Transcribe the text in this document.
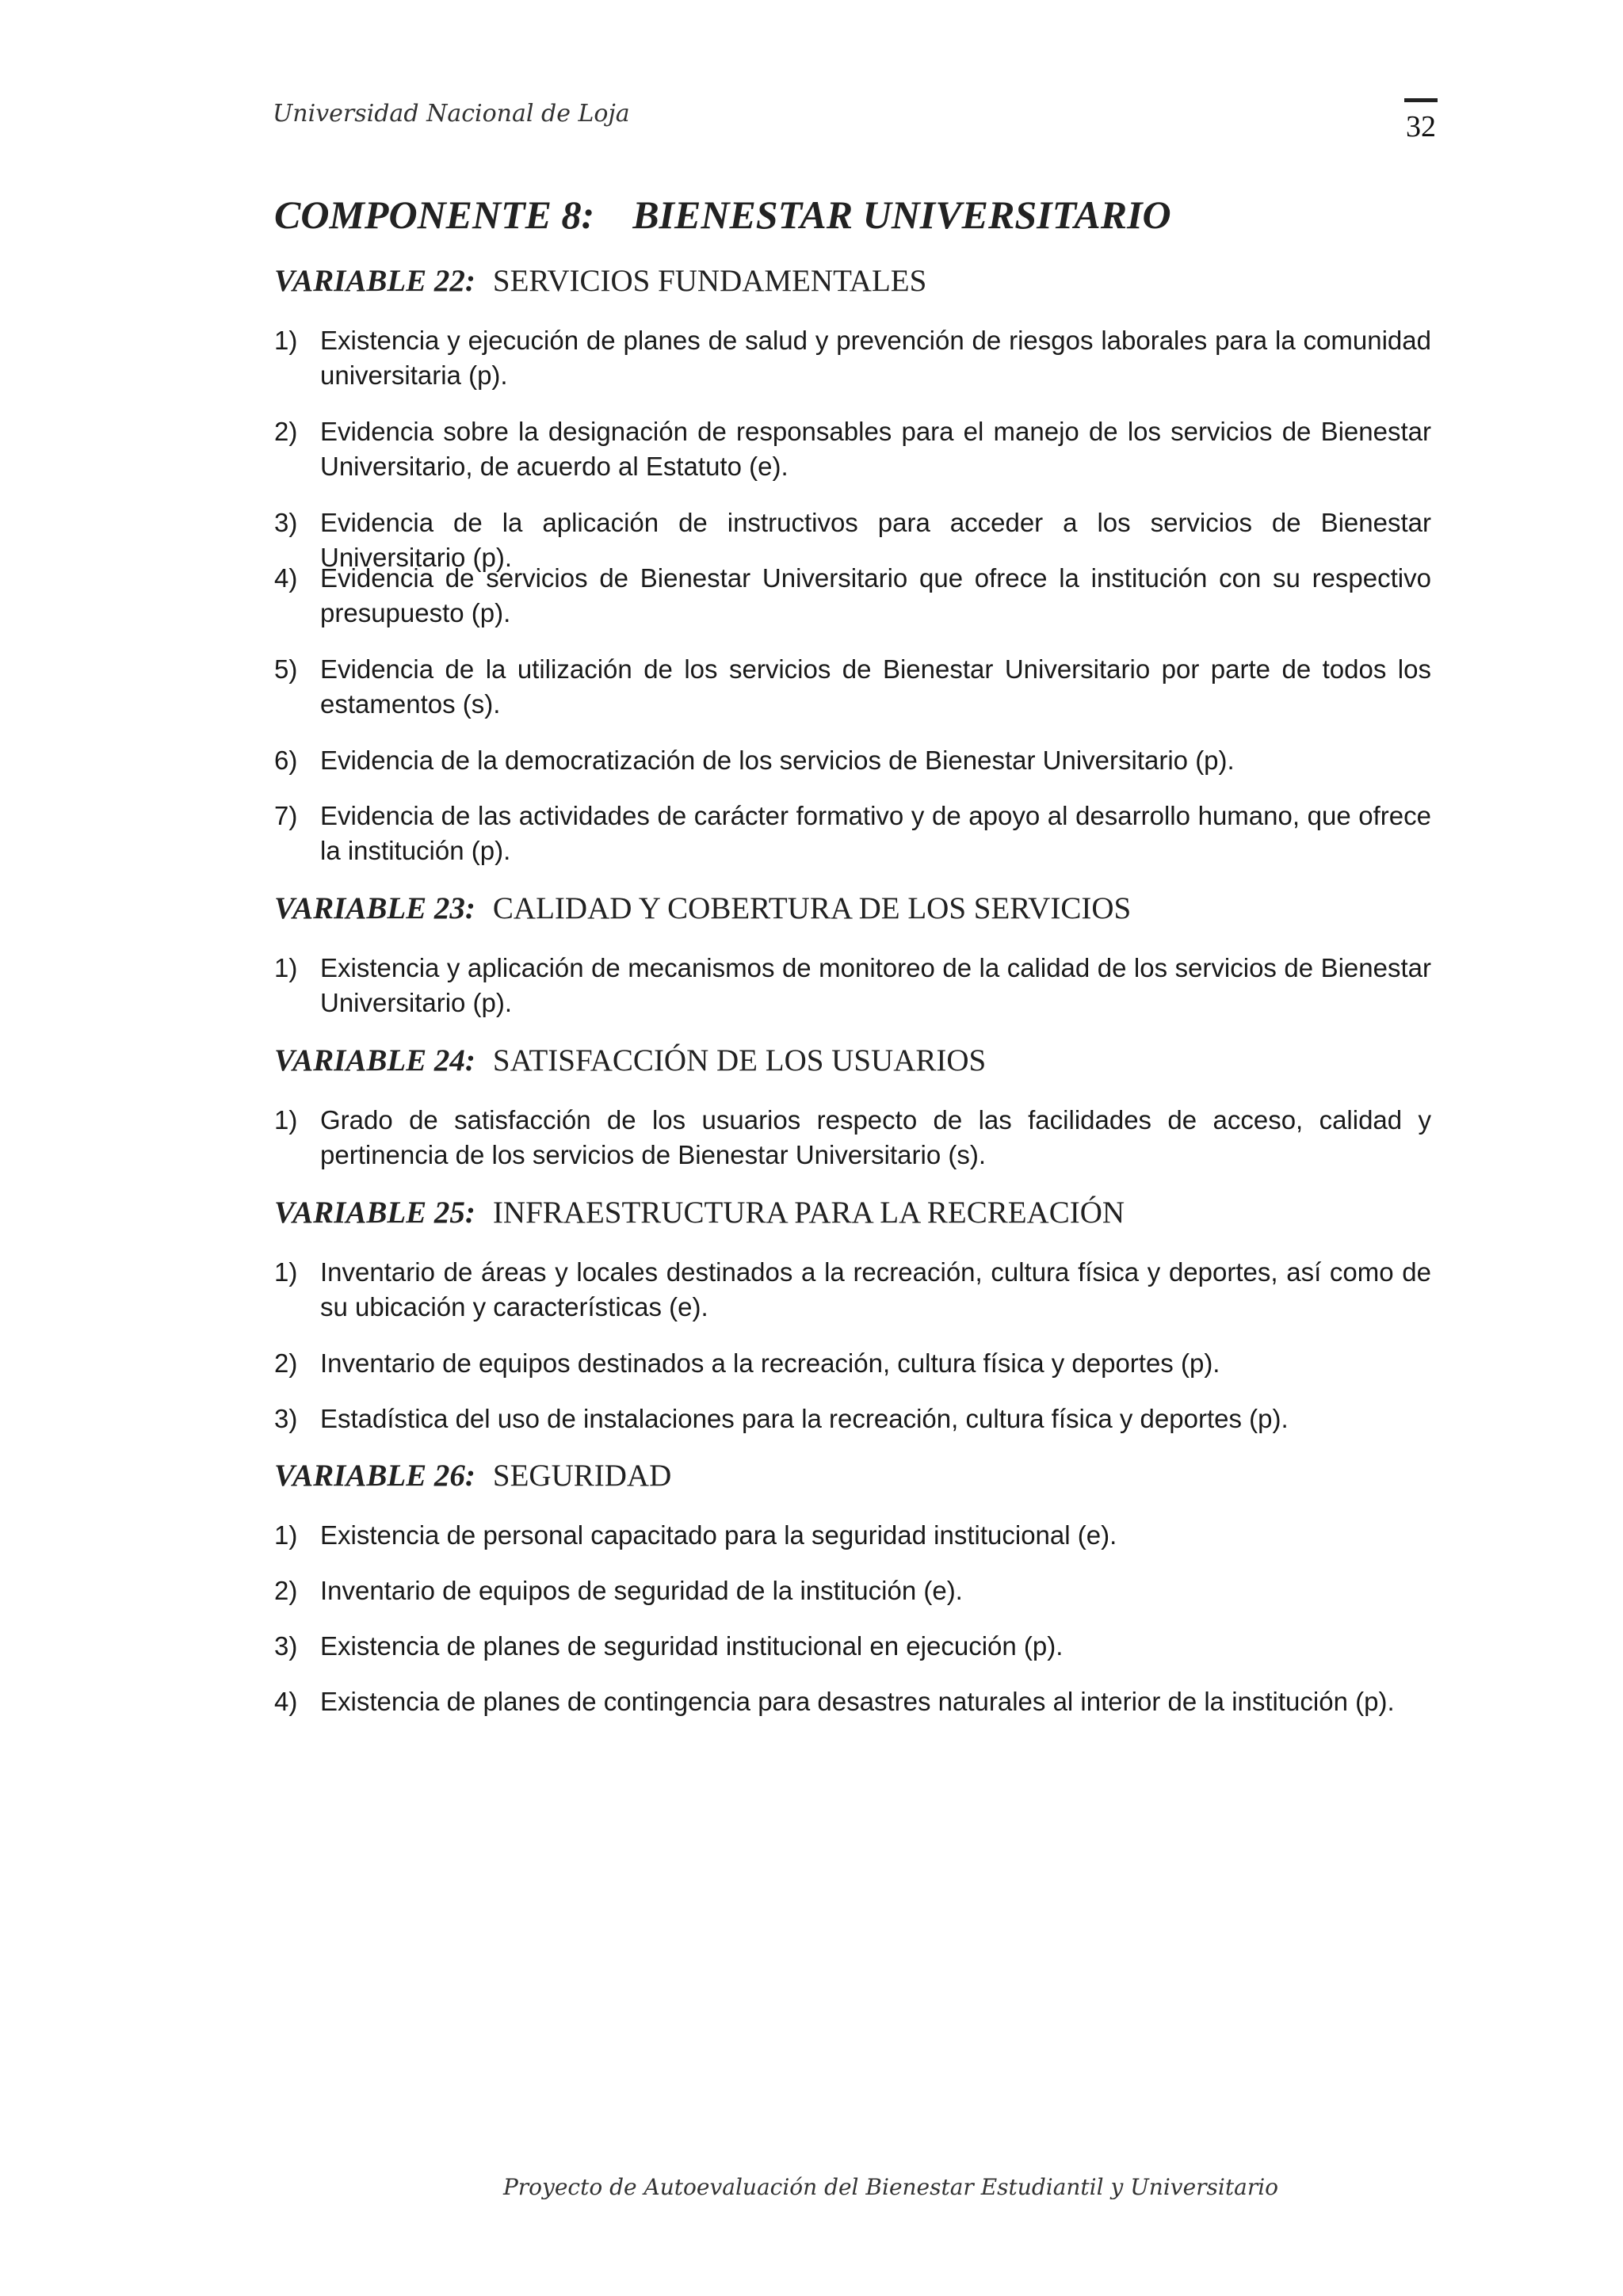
Universidad Nacional de Loja	32
COMPONENTE 8: BIENESTAR UNIVERSITARIO
VARIABLE 22: SERVICIOS FUNDAMENTALES
1) Existencia y ejecución de planes de salud y prevención de riesgos laborales para la comunidad universitaria (p).
2) Evidencia sobre la designación de responsables para el manejo de los servicios de Bienestar Universitario, de acuerdo al Estatuto (e).
3) Evidencia de la aplicación de instructivos para acceder a los servicios de Bienestar Universitario (p).
4) Evidencia de servicios de Bienestar Universitario que ofrece la institución con su respectivo presupuesto (p).
5) Evidencia de la utilización de los servicios de Bienestar Universitario por parte de todos los estamentos (s).
6) Evidencia de la democratización de los servicios de Bienestar Universitario (p).
7) Evidencia de las actividades de carácter formativo y de apoyo al desarrollo humano, que ofrece la institución (p).
VARIABLE 23: CALIDAD Y COBERTURA DE LOS SERVICIOS
1) Existencia y aplicación de mecanismos de monitoreo de la calidad de los servicios de Bienestar Universitario (p).
VARIABLE 24: SATISFACCIÓN DE LOS USUARIOS
1) Grado de satisfacción de los usuarios respecto de las facilidades de acceso, calidad y pertinencia de los servicios de Bienestar Universitario (s).
VARIABLE 25: INFRAESTRUCTURA PARA LA RECREACIÓN
1) Inventario de áreas y locales destinados a la recreación, cultura física y deportes, así como de su ubicación y características (e).
2) Inventario de equipos destinados a la recreación, cultura física y deportes (p).
3) Estadística del uso de instalaciones para la recreación, cultura física y deportes (p).
VARIABLE 26: SEGURIDAD
1) Existencia de personal capacitado para la seguridad institucional (e).
2) Inventario de equipos de seguridad de la institución (e).
3) Existencia de planes de seguridad institucional en ejecución (p).
4) Existencia de planes de contingencia para desastres naturales al interior de la institución (p).
Proyecto de Autoevaluación del Bienestar Estudiantil y Universitario
